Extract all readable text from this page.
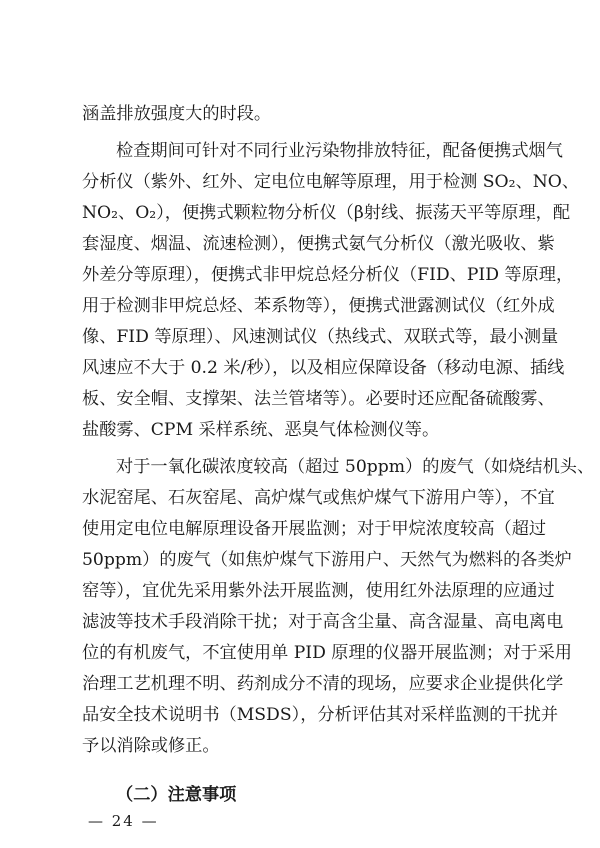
涵盖排放强度大的时段。
检查期间可针对不同行业污染物排放特征，配备便携式烟气
分析仪（紫外、红外、定电位电解等原理，用于检测 SO₂、NO、
NO₂、O₂），便携式颗粒物分析仪（β射线、振荡天平等原理，配
套湿度、烟温、流速检测），便携式氨气分析仪（激光吸收、紫
外差分等原理），便携式非甲烷总烃分析仪（FID、PID 等原理，
用于检测非甲烷总烃、苯系物等），便携式泄露测试仪（红外成
像、FID 等原理）、风速测试仪（热线式、双联式等，最小测量
风速应不大于 0.2 米/秒），以及相应保障设备（移动电源、插线
板、安全帽、支撑架、法兰管堵等）。必要时还应配备硫酸雾、
盐酸雾、CPM 采样系统、恶臭气体检测仪等。
对于一氧化碳浓度较高（超过 50ppm）的废气（如烧结机头、
水泥窑尾、石灰窑尾、高炉煤气或焦炉煤气下游用户等），不宜
使用定电位电解原理设备开展监测；对于甲烷浓度较高（超过
50ppm）的废气（如焦炉煤气下游用户、天然气为燃料的各类炉
窑等），宜优先采用紫外法开展监测，使用红外法原理的应通过
滤波等技术手段消除干扰；对于高含尘量、高含湿量、高电离电
位的有机废气，不宜使用单 PID 原理的仪器开展监测；对于采用
治理工艺机理不明、药剂成分不清的现场，应要求企业提供化学
品安全技术说明书（MSDS），分析评估其对采样监测的干扰并
予以消除或修正。
（二）注意事项
— 24 —
